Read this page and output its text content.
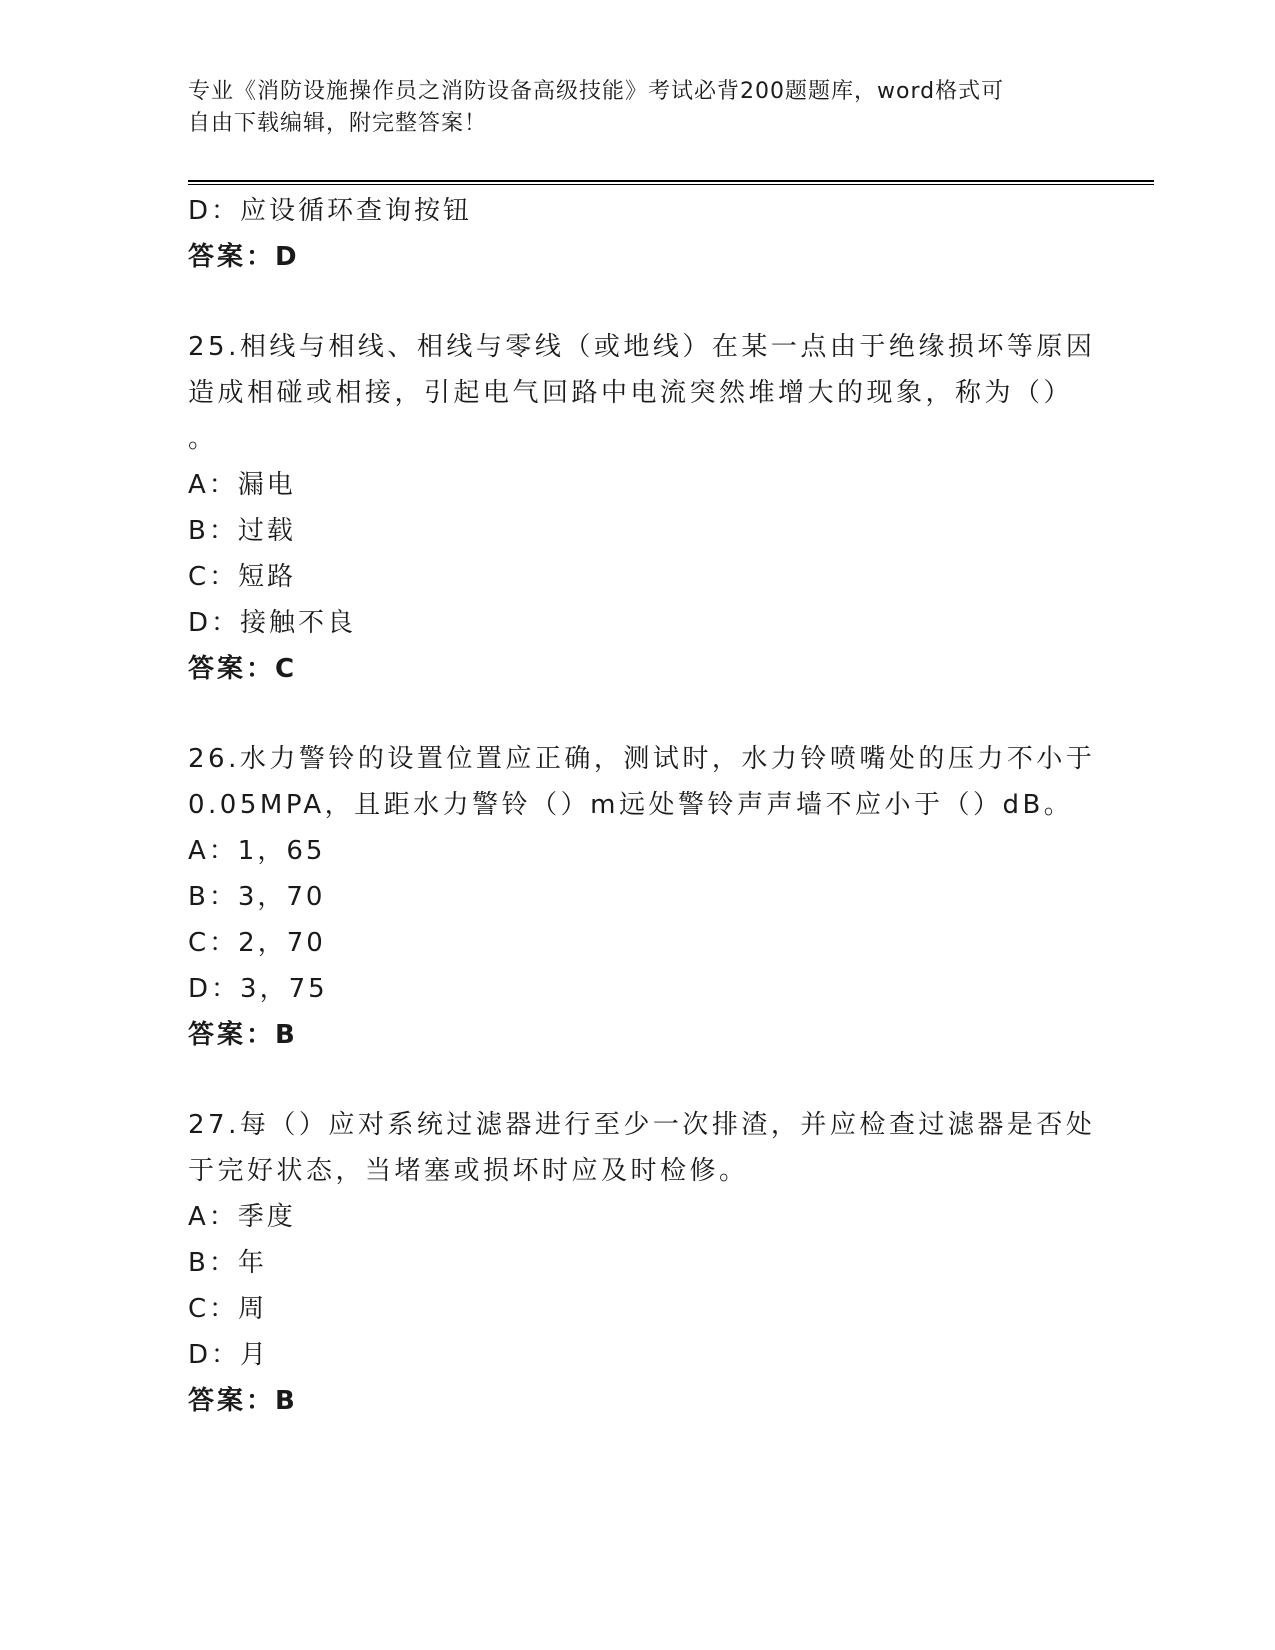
专业《消防设施操作员之消防设备高级技能》考试必背200题题库，word格式可
自由下载编辑，附完整答案！
D：应设循环查询按钮
答案：D
25.相线与相线、相线与零线（或地线）在某一点由于绝缘损坏等原因
造成相碰或相接，引起电气回路中电流突然堆增大的现象，称为（）
。
A：漏电
B：过载
C：短路
D：接触不良
答案：C
26.水力警铃的设置位置应正确，测试时，水力铃喷嘴处的压力不小于
0.05MPA，且距水力警铃（）m远处警铃声声墙不应小于（）dB。
A：1，65
B：3，70
C：2，70
D：3，75
答案：B
27.每（）应对系统过滤器进行至少一次排渣，并应检查过滤器是否处
于完好状态，当堵塞或损坏时应及时检修。
A：季度
B：年
C：周
D：月
答案：B
